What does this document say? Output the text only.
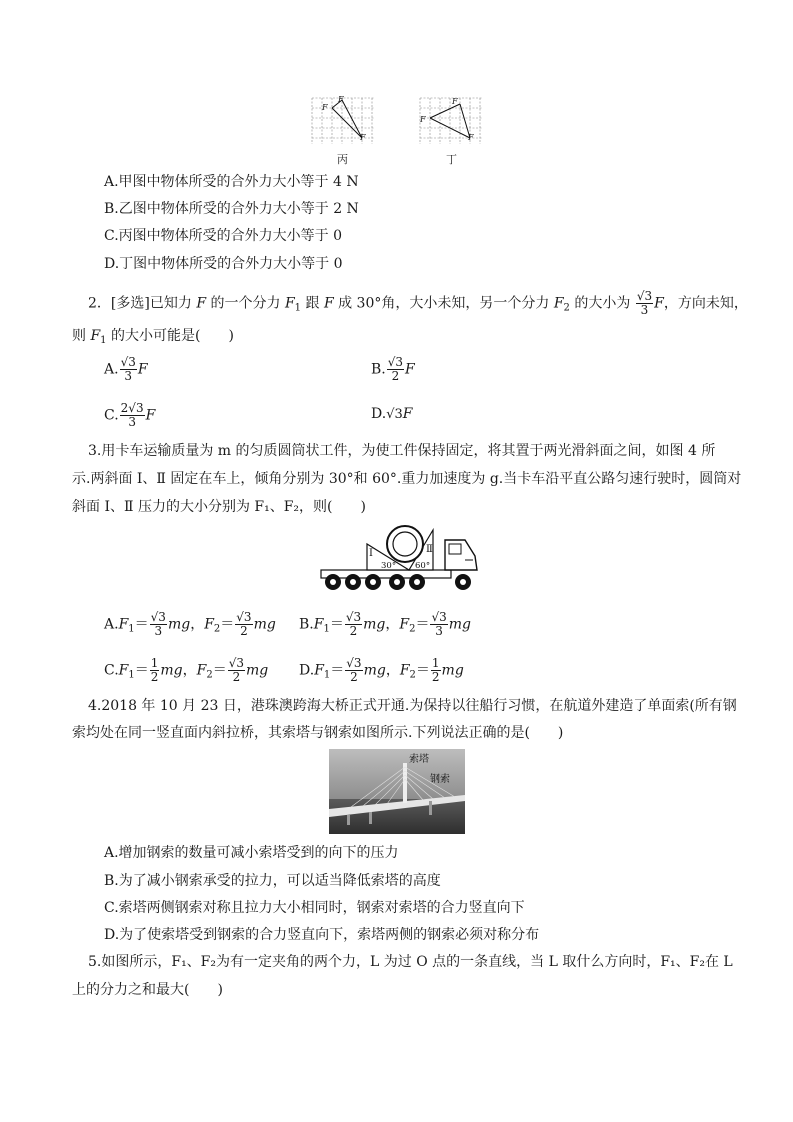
F
F
F
丙
F
F
F
丁
A.甲图中物体所受的合外力大小等于 4 N
B.乙图中物体所受的合外力大小等于 2 N
C.丙图中物体所受的合外力大小等于 0
D.丁图中物体所受的合外力大小等于 0
2．[多选]已知力 F 的一个分力 $F_1$ 跟 F 成 30°角，大小未知，另一个分力 $F_2$ 的大小为 $\frac{√3}{3}$ F，方向未知，
则 $F_1$ 的大小可能是(　　)
A. $\frac{√3}{3}$ F	B. $\frac{√3}{2}$ F
C. $\frac{2√3}{3}$ F	D.√3F
3.用卡车运输质量为 m 的匀质圆筒状工件，为使工件保持固定，将其置于两光滑斜面之间，如图 4 所
示.两斜面 Ⅰ、Ⅱ 固定在车上，倾角分别为 30°和 60°.重力加速度为 g.当卡车沿平直公路匀速行驶时，圆筒对
斜面 Ⅰ、Ⅱ 压力的大小分别为 F₁、F₂，则(　　)
Ⅰ	Ⅱ
30° 60°
$A.F_1= \frac{√3}{3}$ mg，$F_2= \frac{√3}{2}$ mg $B.F_1= \frac{√3}{2}$ mg，$F_2= \frac{√3}{3}$ mg
$C.F_1= \frac{1}{2}$ mg，$F_2= \frac{√3}{2}$ mg $D.F_1= \frac{√3}{2}$ mg，$F_2= \frac{1}{2}$ mg
4.2018 年 10 月 23 日，港珠澳跨海大桥正式开通.为保持以往船行习惯，在航道外建造了单面索(所有钢
索均处在同一竖直面内斜拉桥，其索塔与钢索如图所示.下列说法正确的是(　　)
索塔
钢索
A.增加钢索的数量可减小索塔受到的向下的压力
B.为了减小钢索承受的拉力，可以适当降低索塔的高度
C.索塔两侧钢索对称且拉力大小相同时，钢索对索塔的合力竖直向下
D.为了使索塔受到钢索的合力竖直向下，索塔两侧的钢索必须对称分布
5.如图所示，F₁、F₂为有一定夹角的两个力，L 为过 O 点的一条直线，当 L 取什么方向时，F₁、F₂在 L
上的分力之和最大(　　)
